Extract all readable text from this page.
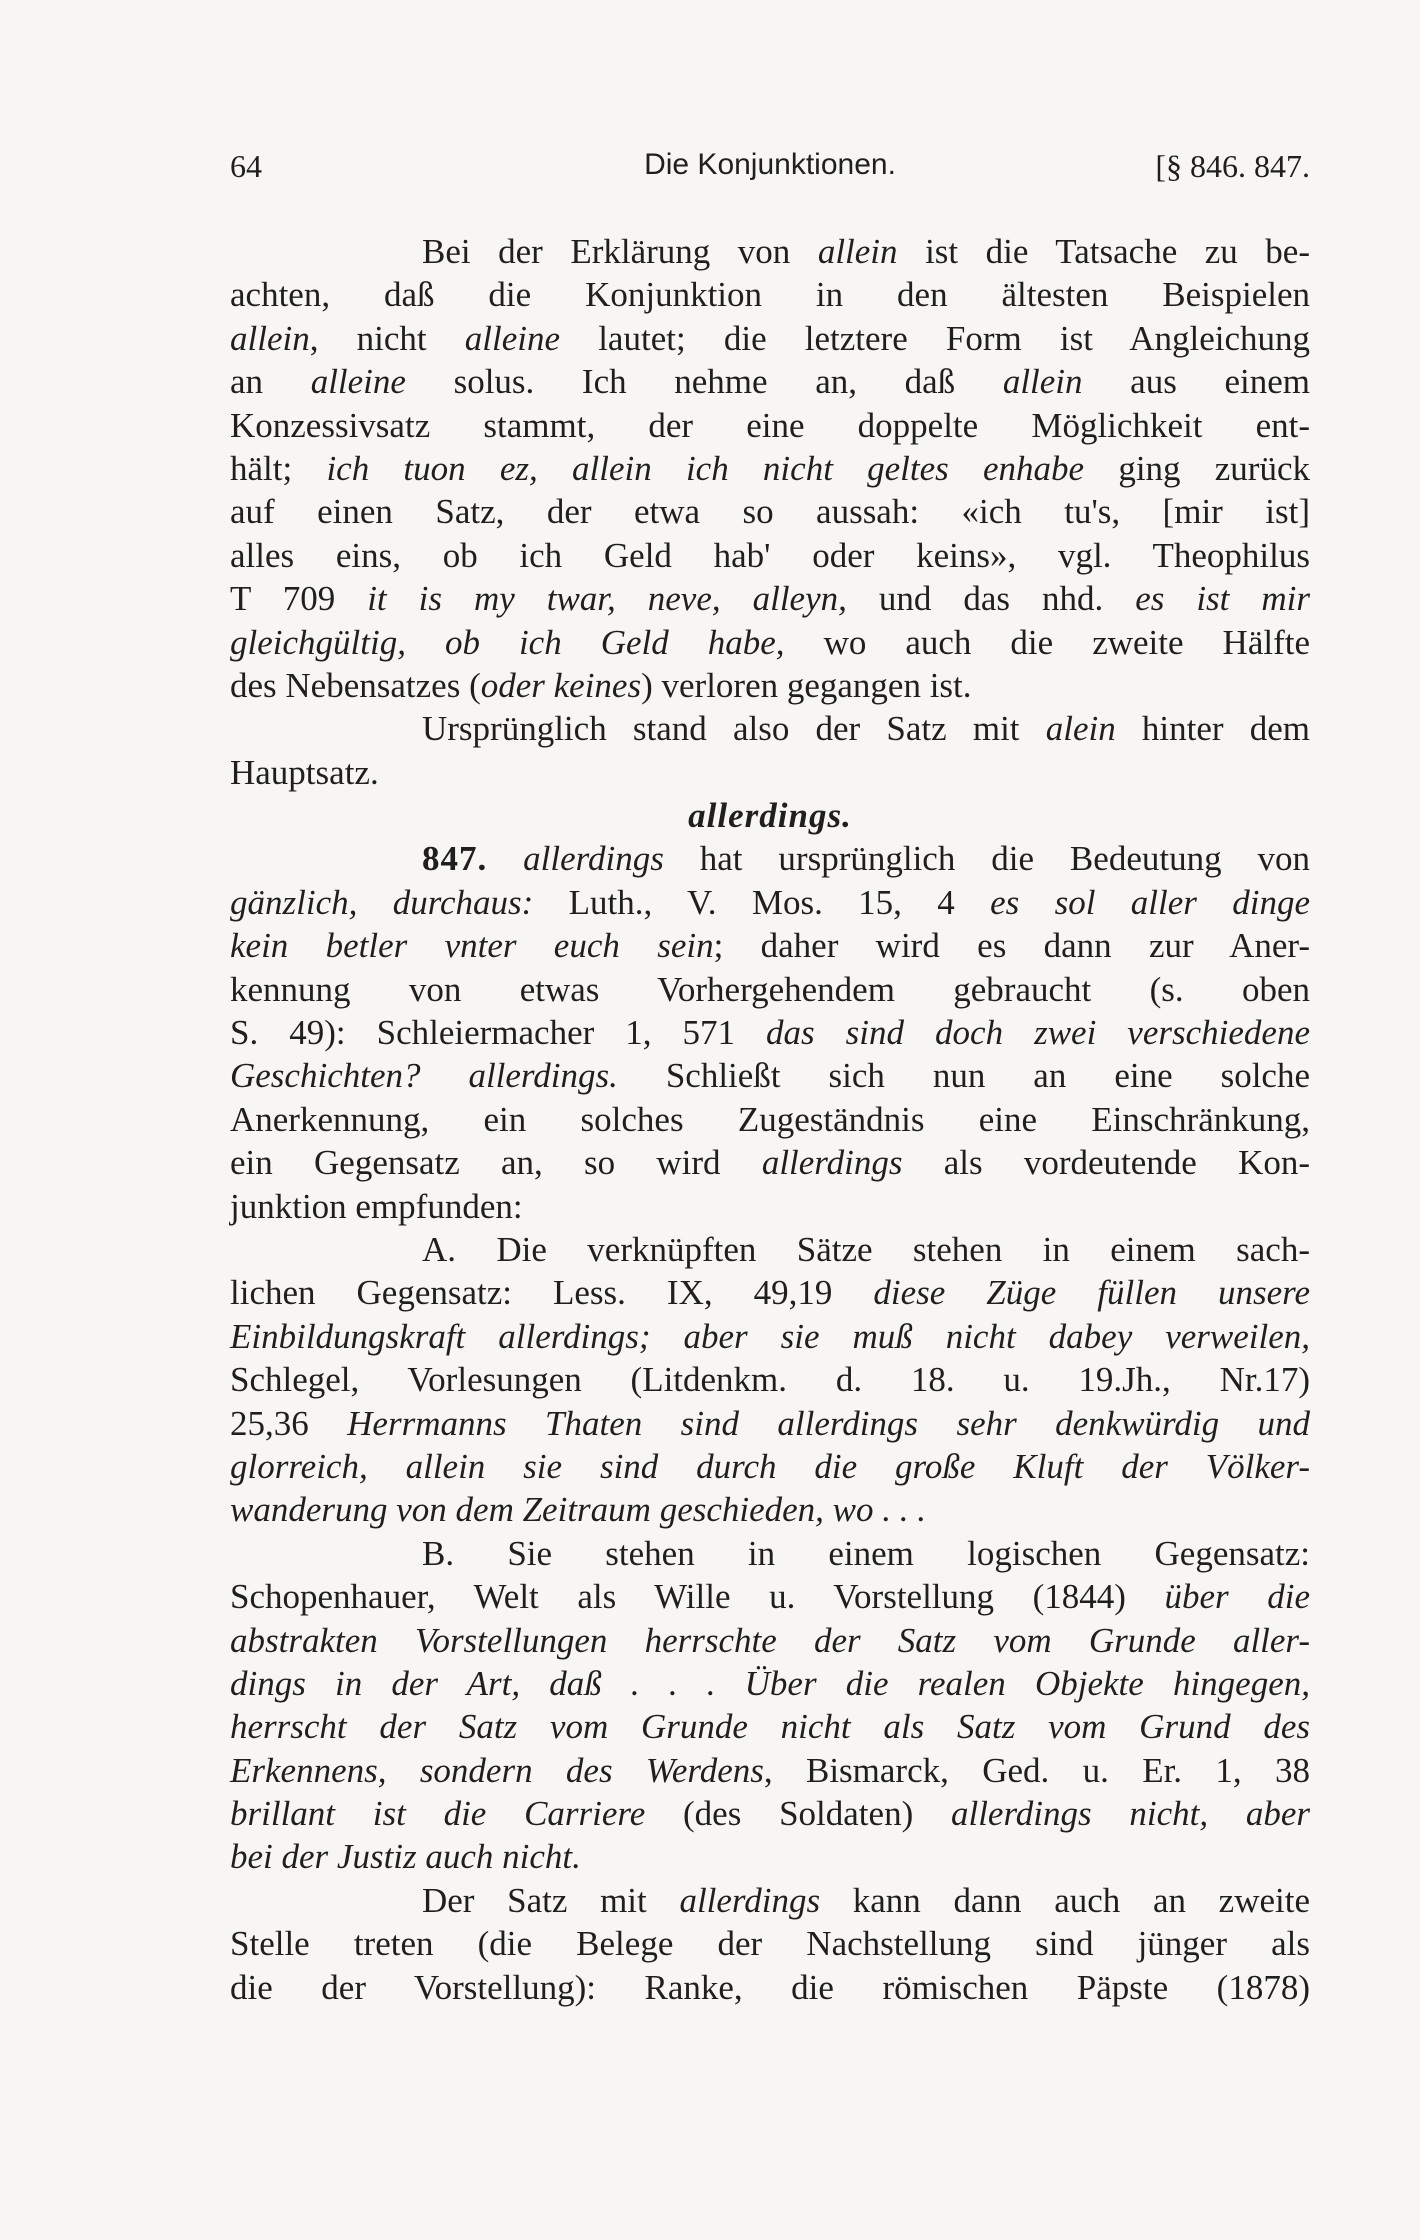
64	Die Konjunktionen.	[§ 846. 847.
Bei der Erklärung von allein ist die Tatsache zu be-
achten, daß die Konjunktion in den ältesten Beispielen
allein, nicht alleine lautet; die letztere Form ist Angleichung
an alleine solus. Ich nehme an, daß allein aus einem
Konzessivsatz stammt, der eine doppelte Möglichkeit ent-
hält; ich tuon ez, allein ich nicht geltes enhabe ging zurück
auf einen Satz, der etwa so aussah: «ich tu's, [mir ist]
alles eins, ob ich Geld hab' oder keins», vgl. Theophilus
T 709 it is my twar, neve, alleyn, und das nhd. es ist mir
gleichgültig, ob ich Geld habe, wo auch die zweite Hälfte
des Nebensatzes (oder keines) verloren gegangen ist.
Ursprünglich stand also der Satz mit alein hinter dem
Hauptsatz.
allerdings.
847. allerdings hat ursprünglich die Bedeutung von
gänzlich, durchaus: Luth., V. Mos. 15, 4 es sol aller dinge
kein betler vnter euch sein; daher wird es dann zur Aner-
kennung von etwas Vorhergehendem gebraucht (s. oben
S. 49): Schleiermacher 1, 571 das sind doch zwei verschiedene
Geschichten? allerdings. Schließt sich nun an eine solche
Anerkennung, ein solches Zugeständnis eine Einschränkung,
ein Gegensatz an, so wird allerdings als vordeutende Kon-
junktion empfunden:
A. Die verknüpften Sätze stehen in einem sach-
lichen Gegensatz: Less. IX, 49,19 diese Züge füllen unsere
Einbildungskraft allerdings; aber sie muß nicht dabey verweilen,
Schlegel, Vorlesungen (Litdenkm. d. 18. u. 19.Jh., Nr.17)
25,36 Herrmanns Thaten sind allerdings sehr denkwürdig und
glorreich, allein sie sind durch die große Kluft der Völker-
wanderung von dem Zeitraum geschieden, wo . . .
B. Sie stehen in einem logischen Gegensatz:
Schopenhauer, Welt als Wille u. Vorstellung (1844) über die
abstrakten Vorstellungen herrschte der Satz vom Grunde aller-
dings in der Art, daß . . . Über die realen Objekte hingegen,
herrscht der Satz vom Grunde nicht als Satz vom Grund des
Erkennens, sondern des Werdens, Bismarck, Ged. u. Er. 1, 38
brillant ist die Carriere (des Soldaten) allerdings nicht, aber
bei der Justiz auch nicht.
Der Satz mit allerdings kann dann auch an zweite
Stelle treten (die Belege der Nachstellung sind jünger als
die der Vorstellung): Ranke, die römischen Päpste (1878)
